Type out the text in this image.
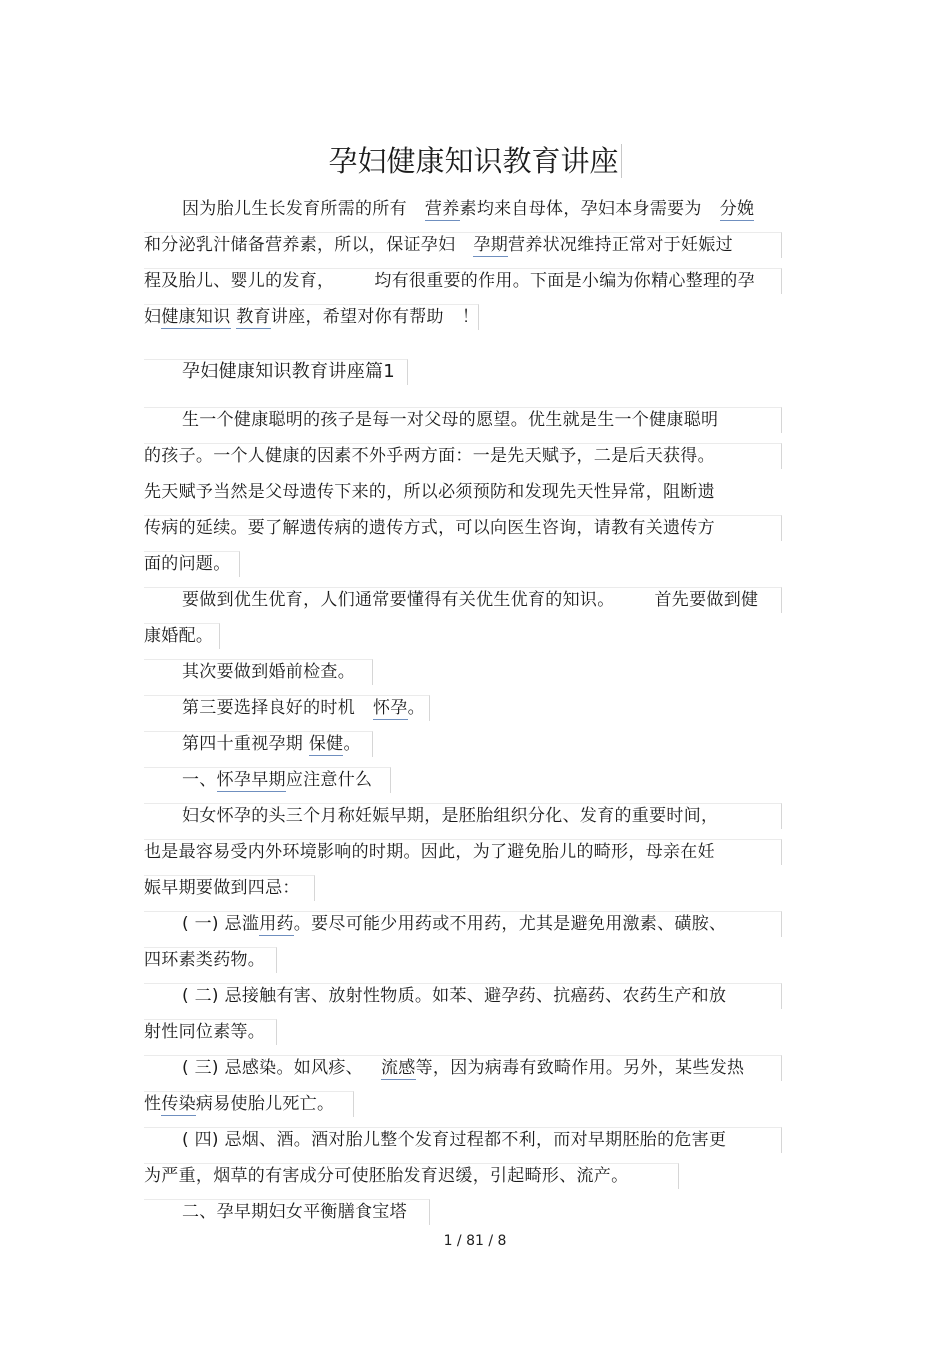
孕妇健康知识教育讲座
因为胎儿生长发育所需的所有 营养素均来自母体，孕妇本身需要为 分娩
和分泌乳汁储备营养素，所以，保证孕妇 孕期营养状况维持正常对于妊娠过
程及胎儿、婴儿的发育， 均有很重要的作用。下面是小编为你精心整理的孕
妇健康知识 教育讲座，希望对你有帮助 ！
孕妇健康知识教育讲座篇1
生一个健康聪明的孩子是每一对父母的愿望。优生就是生一个健康聪明
的孩子。一个人健康的因素不外乎两方面：一是先天赋予，二是后天获得。
先天赋予当然是父母遗传下来的，所以必须预防和发现先天性异常，阻断遗
传病的延续。要了解遗传病的遗传方式，可以向医生咨询，请教有关遗传方
面的问题。
要做到优生优育，人们通常要懂得有关优生优育的知识。 首先要做到健
康婚配。
其次要做到婚前检查。
第三要选择良好的时机 怀孕。
第四十重视孕期 保健。
一、怀孕早期应注意什么
妇女怀孕的头三个月称妊娠早期，是胚胎组织分化、发育的重要时间，
也是最容易受内外环境影响的时期。因此，为了避免胎儿的畸形，母亲在妊
娠早期要做到四忌：
( 一) 忌滥用药。要尽可能少用药或不用药，尤其是避免用激素、磺胺、
四环素类药物。
( 二) 忌接触有害、放射性物质。如苯、避孕药、抗癌药、农药生产和放
射性同位素等。
( 三) 忌感染。如风疹、 流感等，因为病毒有致畸作用。另外，某些发热
性传染病易使胎儿死亡。
( 四) 忌烟、酒。酒对胎儿整个发育过程都不利，而对早期胚胎的危害更
为严重，烟草的有害成分可使胚胎发育迟缓，引起畸形、流产。
二、孕早期妇女平衡膳食宝塔
1 / 81 / 8
